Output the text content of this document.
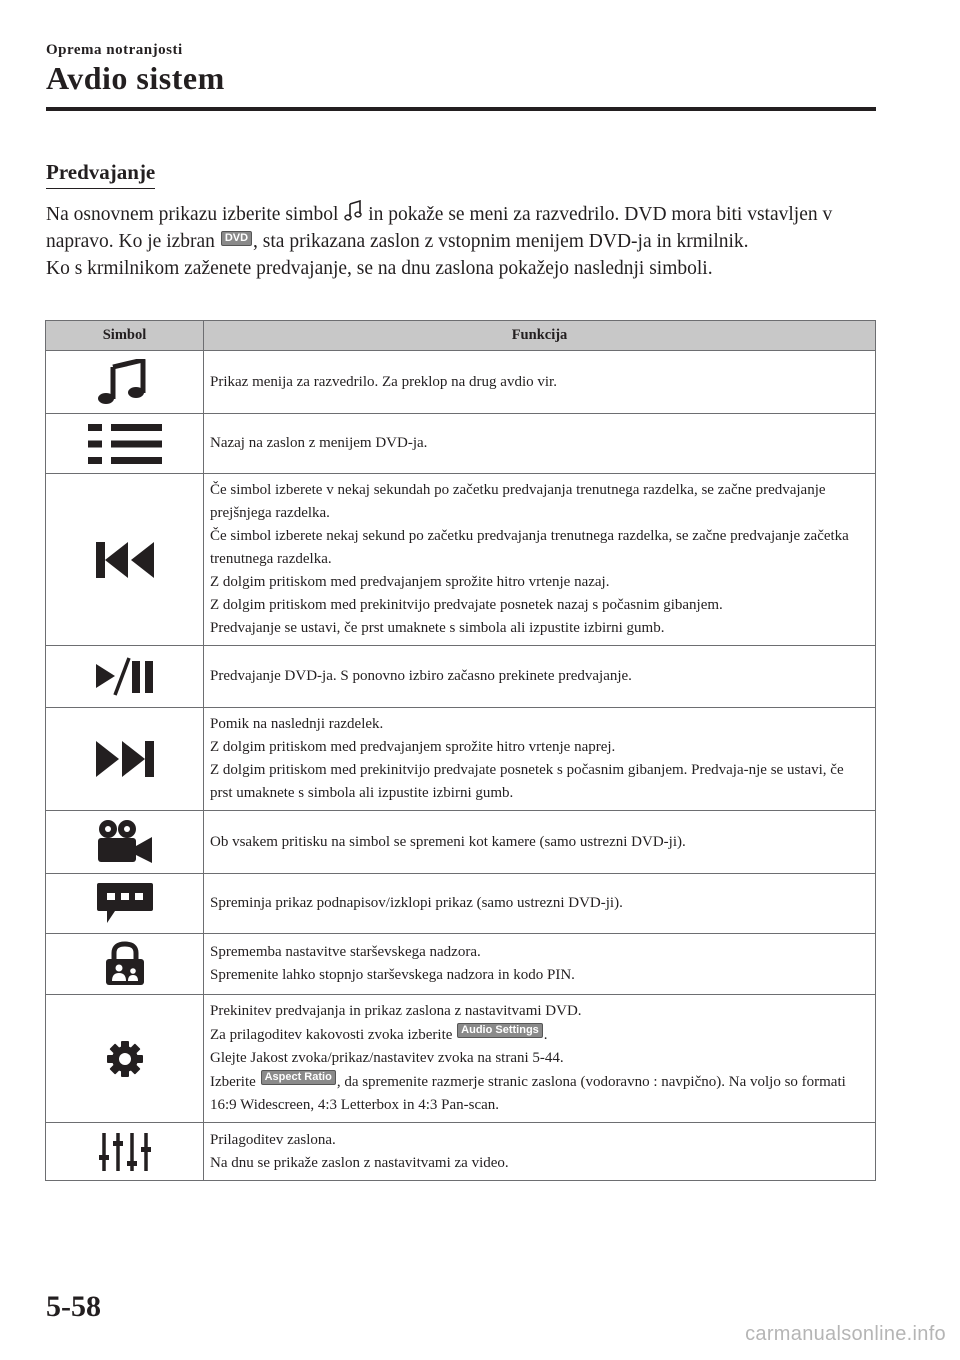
Oprema notranjosti
Avdio sistem
Predvajanje

Na osnovnem prikazu izberite simbol in pokaže se meni za razvedrilo. DVD mora biti vstavljen v napravo. Ko je izbran DVD , sta prikazana zaslon z vstopnim menijem DVD-ja in krmilnik.

Ko s krmilnikom zaženete predvajanje, se na dnu zaslona pokažejo naslednji simboli.

Simbol	Funkcija

Prikaz menija za razvedrilo. Za preklop na drug avdio vir.

Nazaj na zaslon z menijem DVD-ja.

Če simbol izberete v nekaj sekundah po začetku predvajanja trenutnega razdelka, se začne predvajanje prejšnjega razdelka.
Če simbol izberete nekaj sekund po začetku predvajanja trenutnega razdelka, se začne predvajanje začetka trenutnega razdelka.
Z dolgim pritiskom med predvajanjem sprožite hitro vrtenje nazaj.
Z dolgim pritiskom med prekinitvijo predvajate posnetek nazaj s počasnim gibanjem.
Predvajanje se ustavi, če prst umaknete s simbola ali izpustite izbirni gumb.

Predvajanje DVD-ja. S ponovno izbiro začasno prekinete predvajanje.

Pomik na naslednji razdelek.
Z dolgim pritiskom med predvajanjem sprožite hitro vrtenje naprej.
Z dolgim pritiskom med prekinitvijo predvajate posnetek s počasnim gibanjem. Predvaja-nje se ustavi, če prst umaknete s simbola ali izpustite izbirni gumb.

Ob vsakem pritisku na simbol se spremeni kot kamere (samo ustrezni DVD-ji).

Spreminja prikaz podnapisov/izklopi prikaz (samo ustrezni DVD-ji).

Sprememba nastavitve starševskega nadzora.
Spremenite lahko stopnjo starševskega nadzora in kodo PIN.

Prekinitev predvajanja in prikaz zaslona z nastavitvami DVD.
Za prilagoditev kakovosti zvoka izberite Audio Settings .
Glejte Jakost zvoka/prikaz/nastavitev zvoka na strani 5-44.
Izberite Aspect Ratio , da spremenite razmerje stranic zaslona (vodoravno : navpično). Na voljo so formati 16:9 Widescreen, 4:3 Letterbox in 4:3 Pan-scan.

Prilagoditev zaslona.
Na dnu se prikaže zaslon z nastavitvami za video.
5-58
carmanualsonline.info
